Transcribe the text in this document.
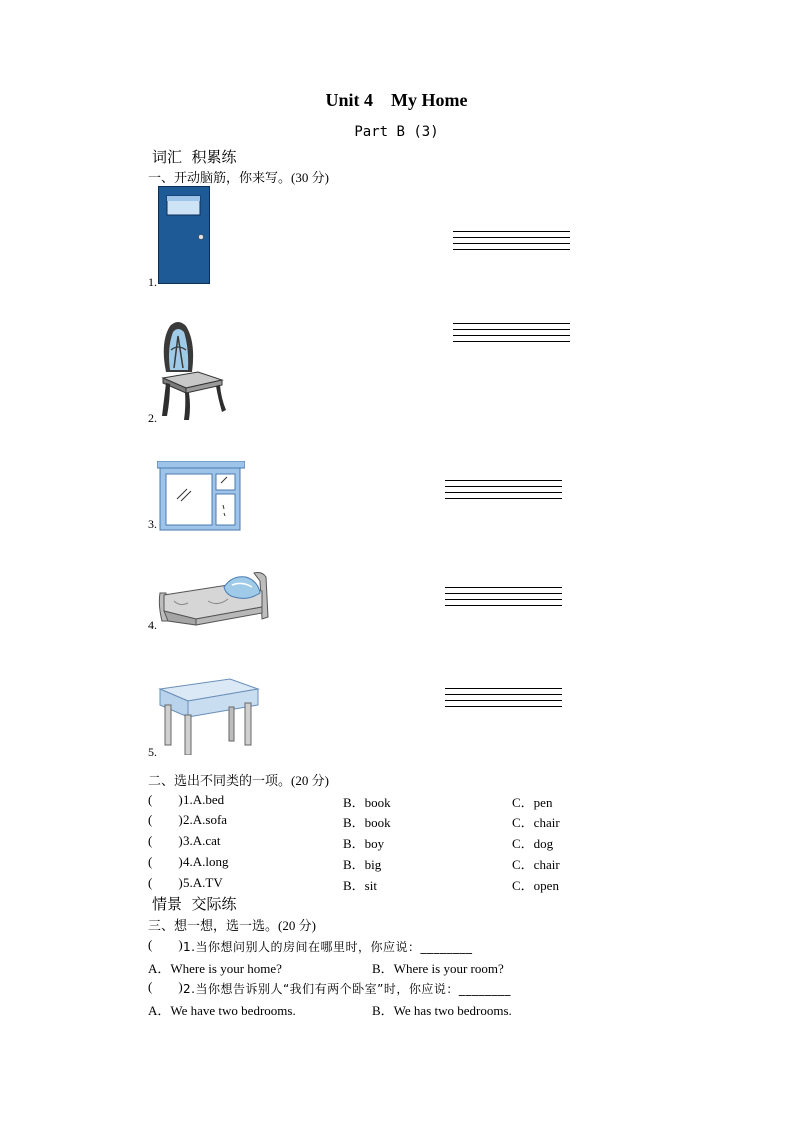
Unit 4    My Home
Part B (3)
词汇  积累练
一、开动脑筋，你来写。(30 分)
1.
2.
3.
4.
5.
二、选出不同类的一项。(20 分)
(        ) 1.A.bed	B．book	C．pen
(        ) 2.A.sofa	B．book	C．chair
(        ) 3.A.cat	B．boy	C．dog
(        ) 4.A.long	B．big	C．chair
(        ) 5.A.TV	B．sit	C．open
情景  交际练
三、想一想，选一选。(20 分)
(        ) 1.当你想问别人的房间在哪里时，你应说：________
A．Where is your home?	B．Where is your room?
(        ) 2.当你想告诉别人“我们有两个卧室”时，你应说：________
A．We have two bedrooms.	B．We has two bedrooms.
